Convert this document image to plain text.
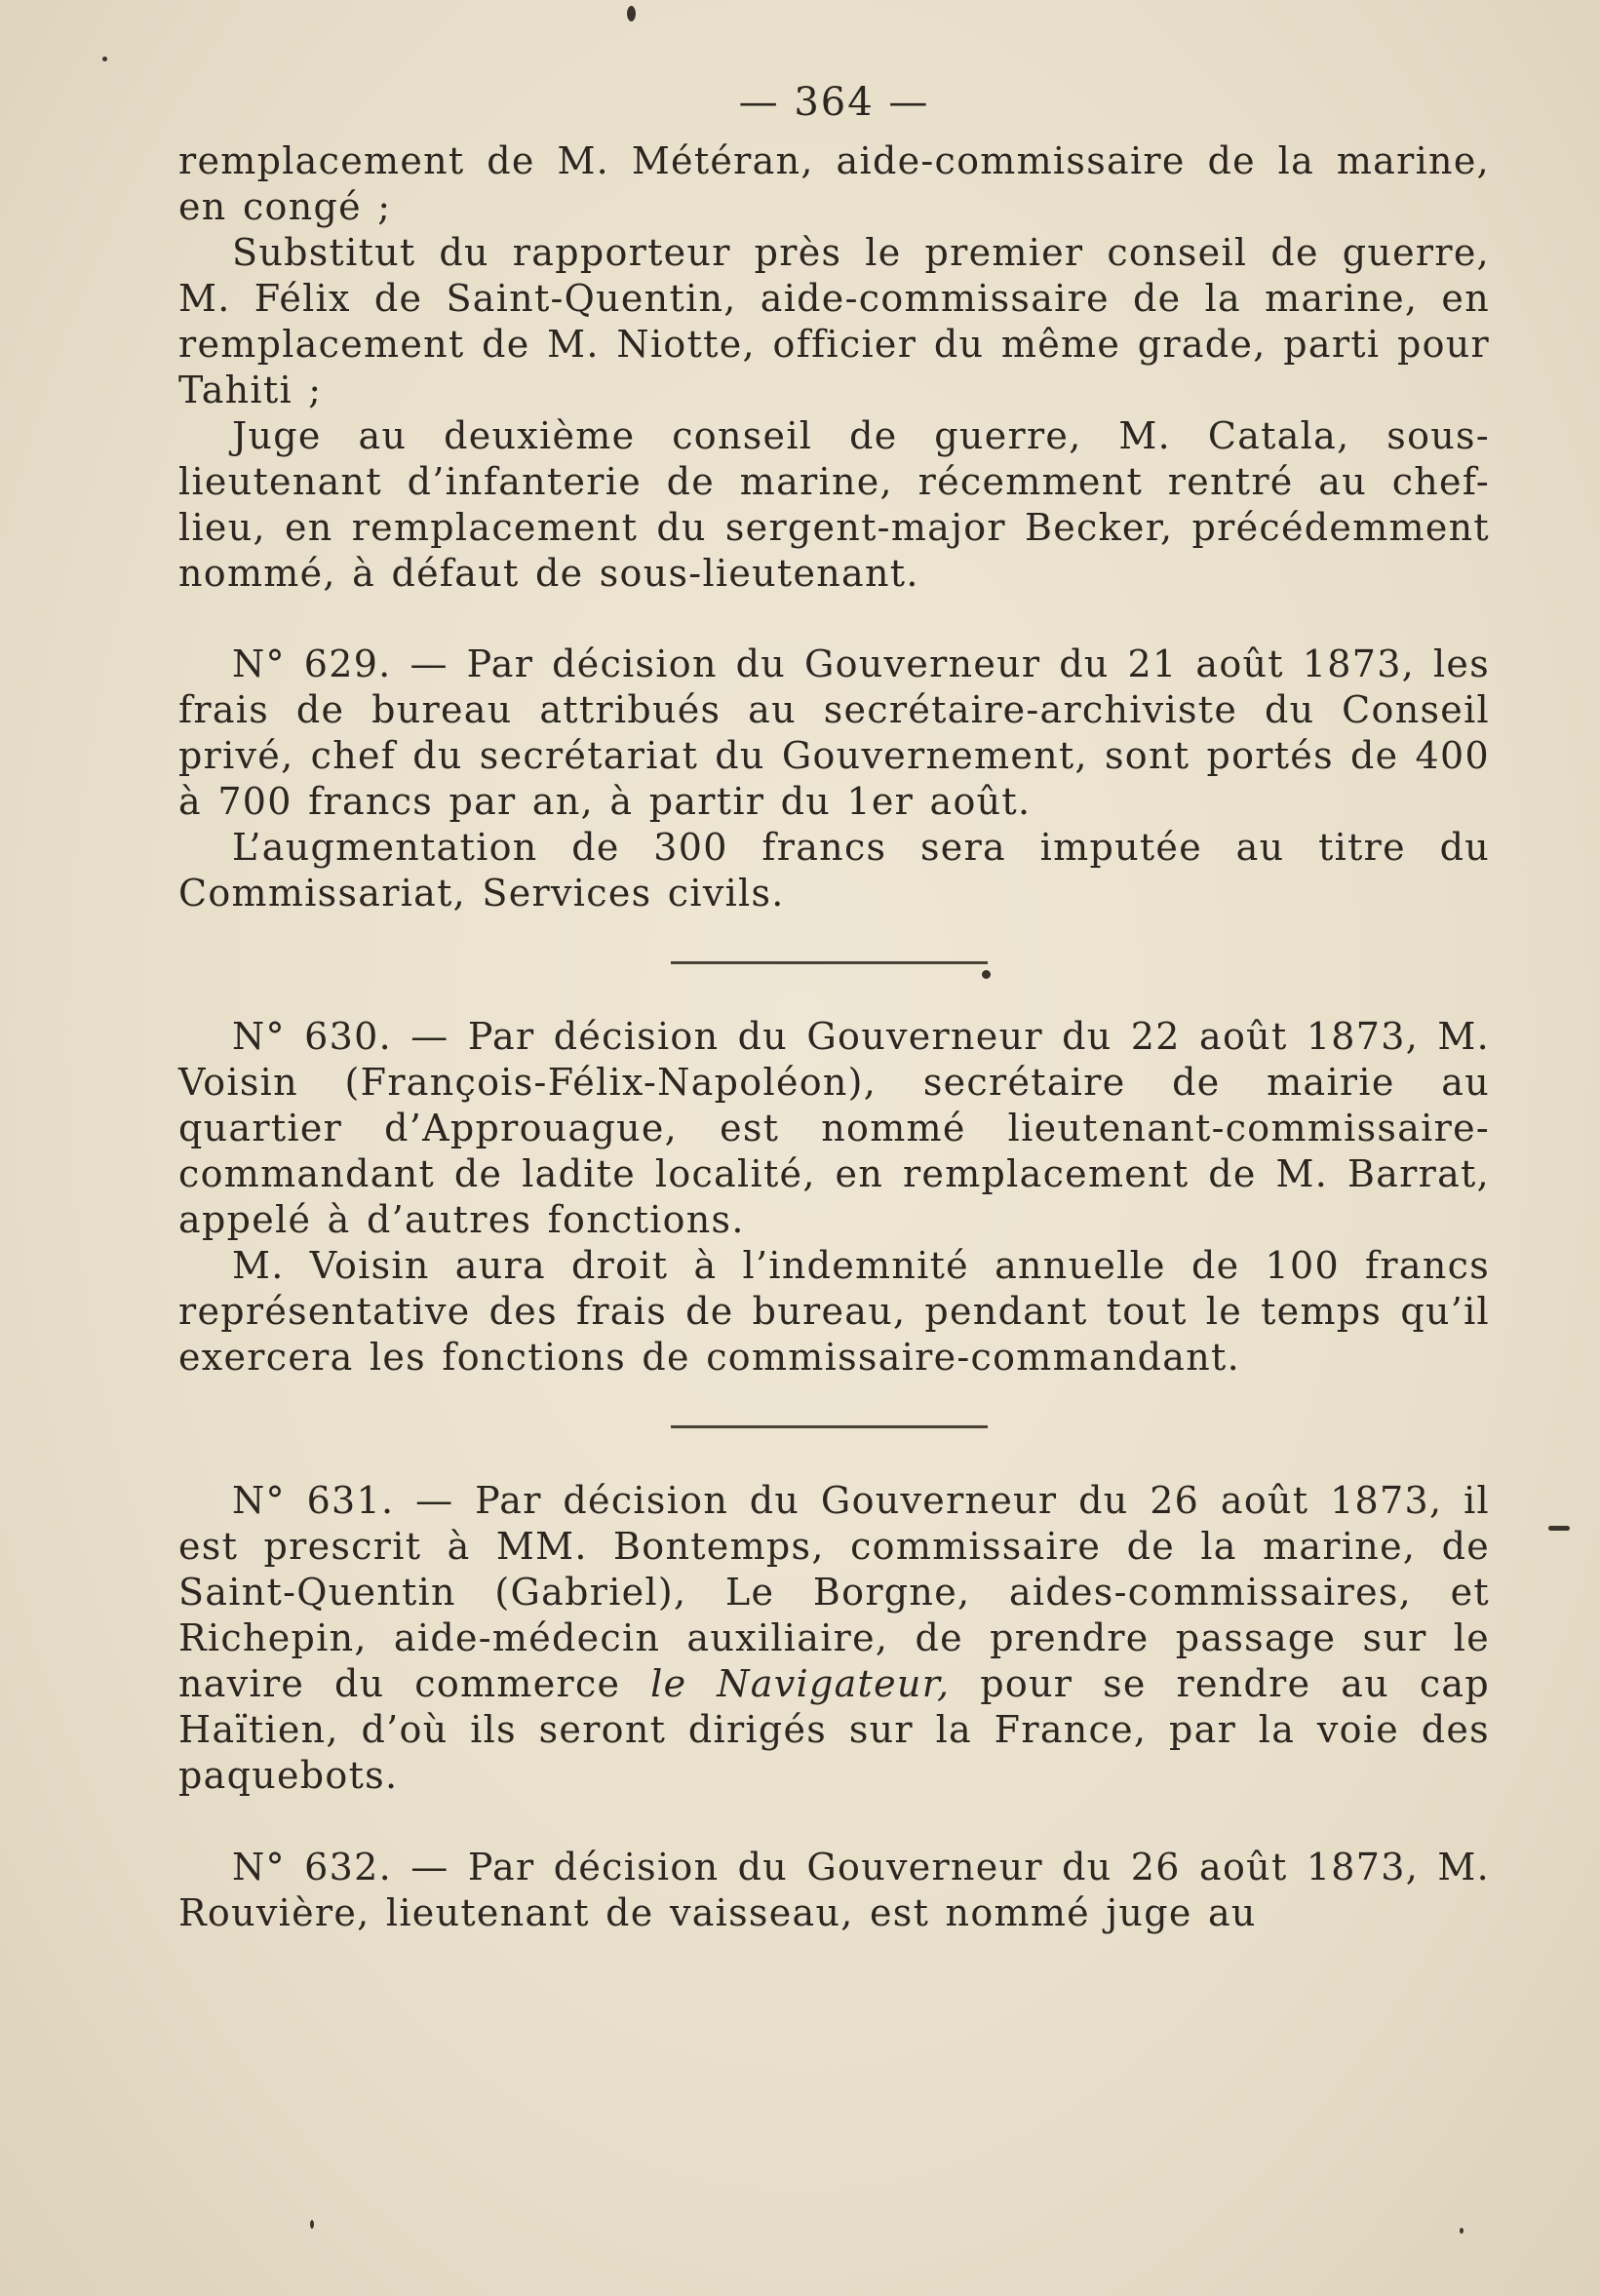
— 364 —

remplacement de M. Météran, aide-commissaire de la marine, en congé ;

Substitut du rapporteur près le premier conseil de guerre, M. Félix de Saint-Quentin, aide-commissaire de la marine, en remplacement de M. Niotte, officier du même grade, parti pour Tahiti ;

Juge au deuxième conseil de guerre, M. Catala, sous-lieutenant d’infanterie de marine, récemment rentré au chef-lieu, en remplacement du sergent-major Becker, précédemment nommé, à défaut de sous-lieutenant.

N° 629. — Par décision du Gouverneur du 21 août 1873, les frais de bureau attribués au secrétaire-archiviste du Conseil privé, chef du secrétariat du Gouvernement, sont portés de 400 à 700 francs par an, à partir du 1er août.

L’augmentation de 300 francs sera imputée au titre du Commissariat, Services civils.

N° 630. — Par décision du Gouverneur du 22 août 1873, M. Voisin (François-Félix-Napoléon), secrétaire de mairie au quartier d’Approuague, est nommé lieutenant-commissaire-commandant de ladite localité, en remplacement de M. Barrat, appelé à d’autres fonctions.

M. Voisin aura droit à l’indemnité annuelle de 100 francs représentative des frais de bureau, pendant tout le temps qu’il exercera les fonctions de commissaire-commandant.

N° 631. — Par décision du Gouverneur du 26 août 1873, il est prescrit à MM. Bontemps, commissaire de la marine, de Saint-Quentin (Gabriel), Le Borgne, aides-commissaires, et Richepin, aide-médecin auxiliaire, de prendre passage sur le navire du commerce le Navigateur, pour se rendre au cap Haïtien, d’où ils seront dirigés sur la France, par la voie des paquebots.

N° 632. — Par décision du Gouverneur du 26 août 1873, M. Rouvière, lieutenant de vaisseau, est nommé juge au
